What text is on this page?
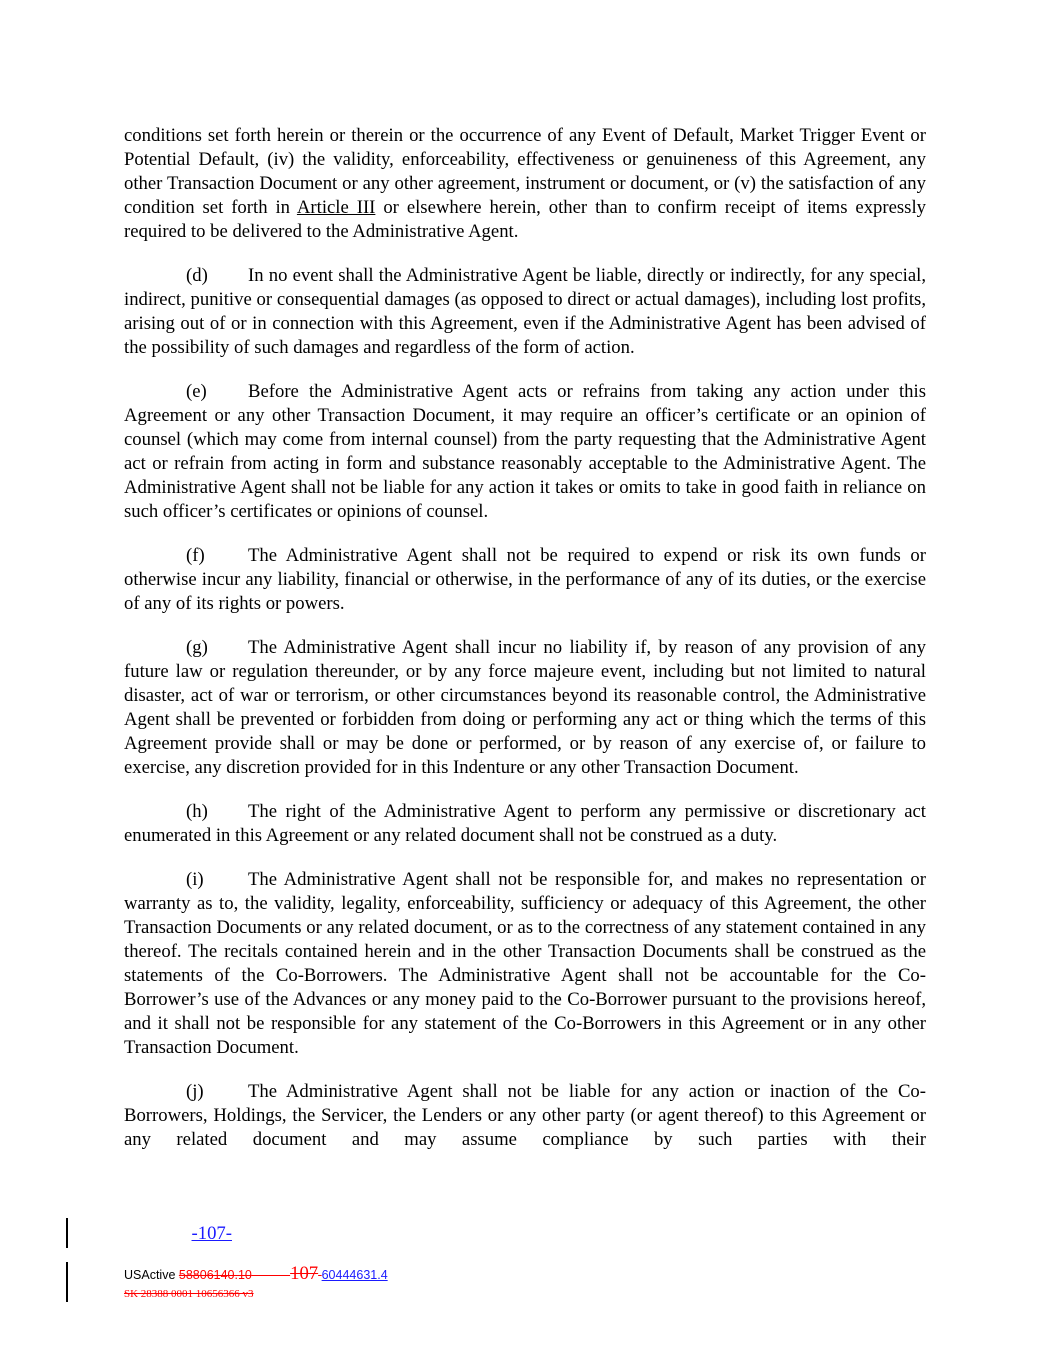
conditions set forth herein or therein or the occurrence of any Event of Default, Market Trigger Event or Potential Default, (iv) the validity, enforceability, effectiveness or genuineness of this Agreement, any other Transaction Document or any other agreement, instrument or document, or (v) the satisfaction of any condition set forth in Article III or elsewhere herein, other than to confirm receipt of items expressly required to be delivered to the Administrative Agent.

(d) In no event shall the Administrative Agent be liable, directly or indirectly, for any special, indirect, punitive or consequential damages (as opposed to direct or actual damages), including lost profits, arising out of or in connection with this Agreement, even if the Administrative Agent has been advised of the possibility of such damages and regardless of the form of action.

(e) Before the Administrative Agent acts or refrains from taking any action under this Agreement or any other Transaction Document, it may require an officer’s certificate or an opinion of counsel (which may come from internal counsel) from the party requesting that the Administrative Agent act or refrain from acting in form and substance reasonably acceptable to the Administrative Agent. The Administrative Agent shall not be liable for any action it takes or omits to take in good faith in reliance on such officer’s certificates or opinions of counsel.

(f) The Administrative Agent shall not be required to expend or risk its own funds or otherwise incur any liability, financial or otherwise, in the performance of any of its duties, or the exercise of any of its rights or powers.

(g) The Administrative Agent shall incur no liability if, by reason of any provision of any future law or regulation thereunder, or by any force majeure event, including but not limited to natural disaster, act of war or terrorism, or other circumstances beyond its reasonable control, the Administrative Agent shall be prevented or forbidden from doing or performing any act or thing which the terms of this Agreement provide shall or may be done or performed, or by reason of any exercise of, or failure to exercise, any discretion provided for in this Indenture or any other Transaction Document.

(h) The right of the Administrative Agent to perform any permissive or discretionary act enumerated in this Agreement or any related document shall not be construed as a duty.

(i) The Administrative Agent shall not be responsible for, and makes no representation or warranty as to, the validity, legality, enforceability, sufficiency or adequacy of this Agreement, the other Transaction Documents or any related document, or as to the correctness of any statement contained in any thereof. The recitals contained herein and in the other Transaction Documents shall be construed as the statements of the Co-Borrowers. The Administrative Agent shall not be accountable for the Co- Borrower’s use of the Advances or any money paid to the Co-Borrower pursuant to the provisions hereof, and it shall not be responsible for any statement of the Co-Borrowers in this Agreement or in any other Transaction Document.

(j) The Administrative Agent shall not be liable for any action or inaction of the Co-Borrowers, Holdings, the Servicer, the Lenders or any other party (or agent thereof) to this Agreement or any related document and may assume compliance by such parties with their

-107-
USActive 58806140.10 107 60444631.4
SK 28388 0001 10656366 v3
